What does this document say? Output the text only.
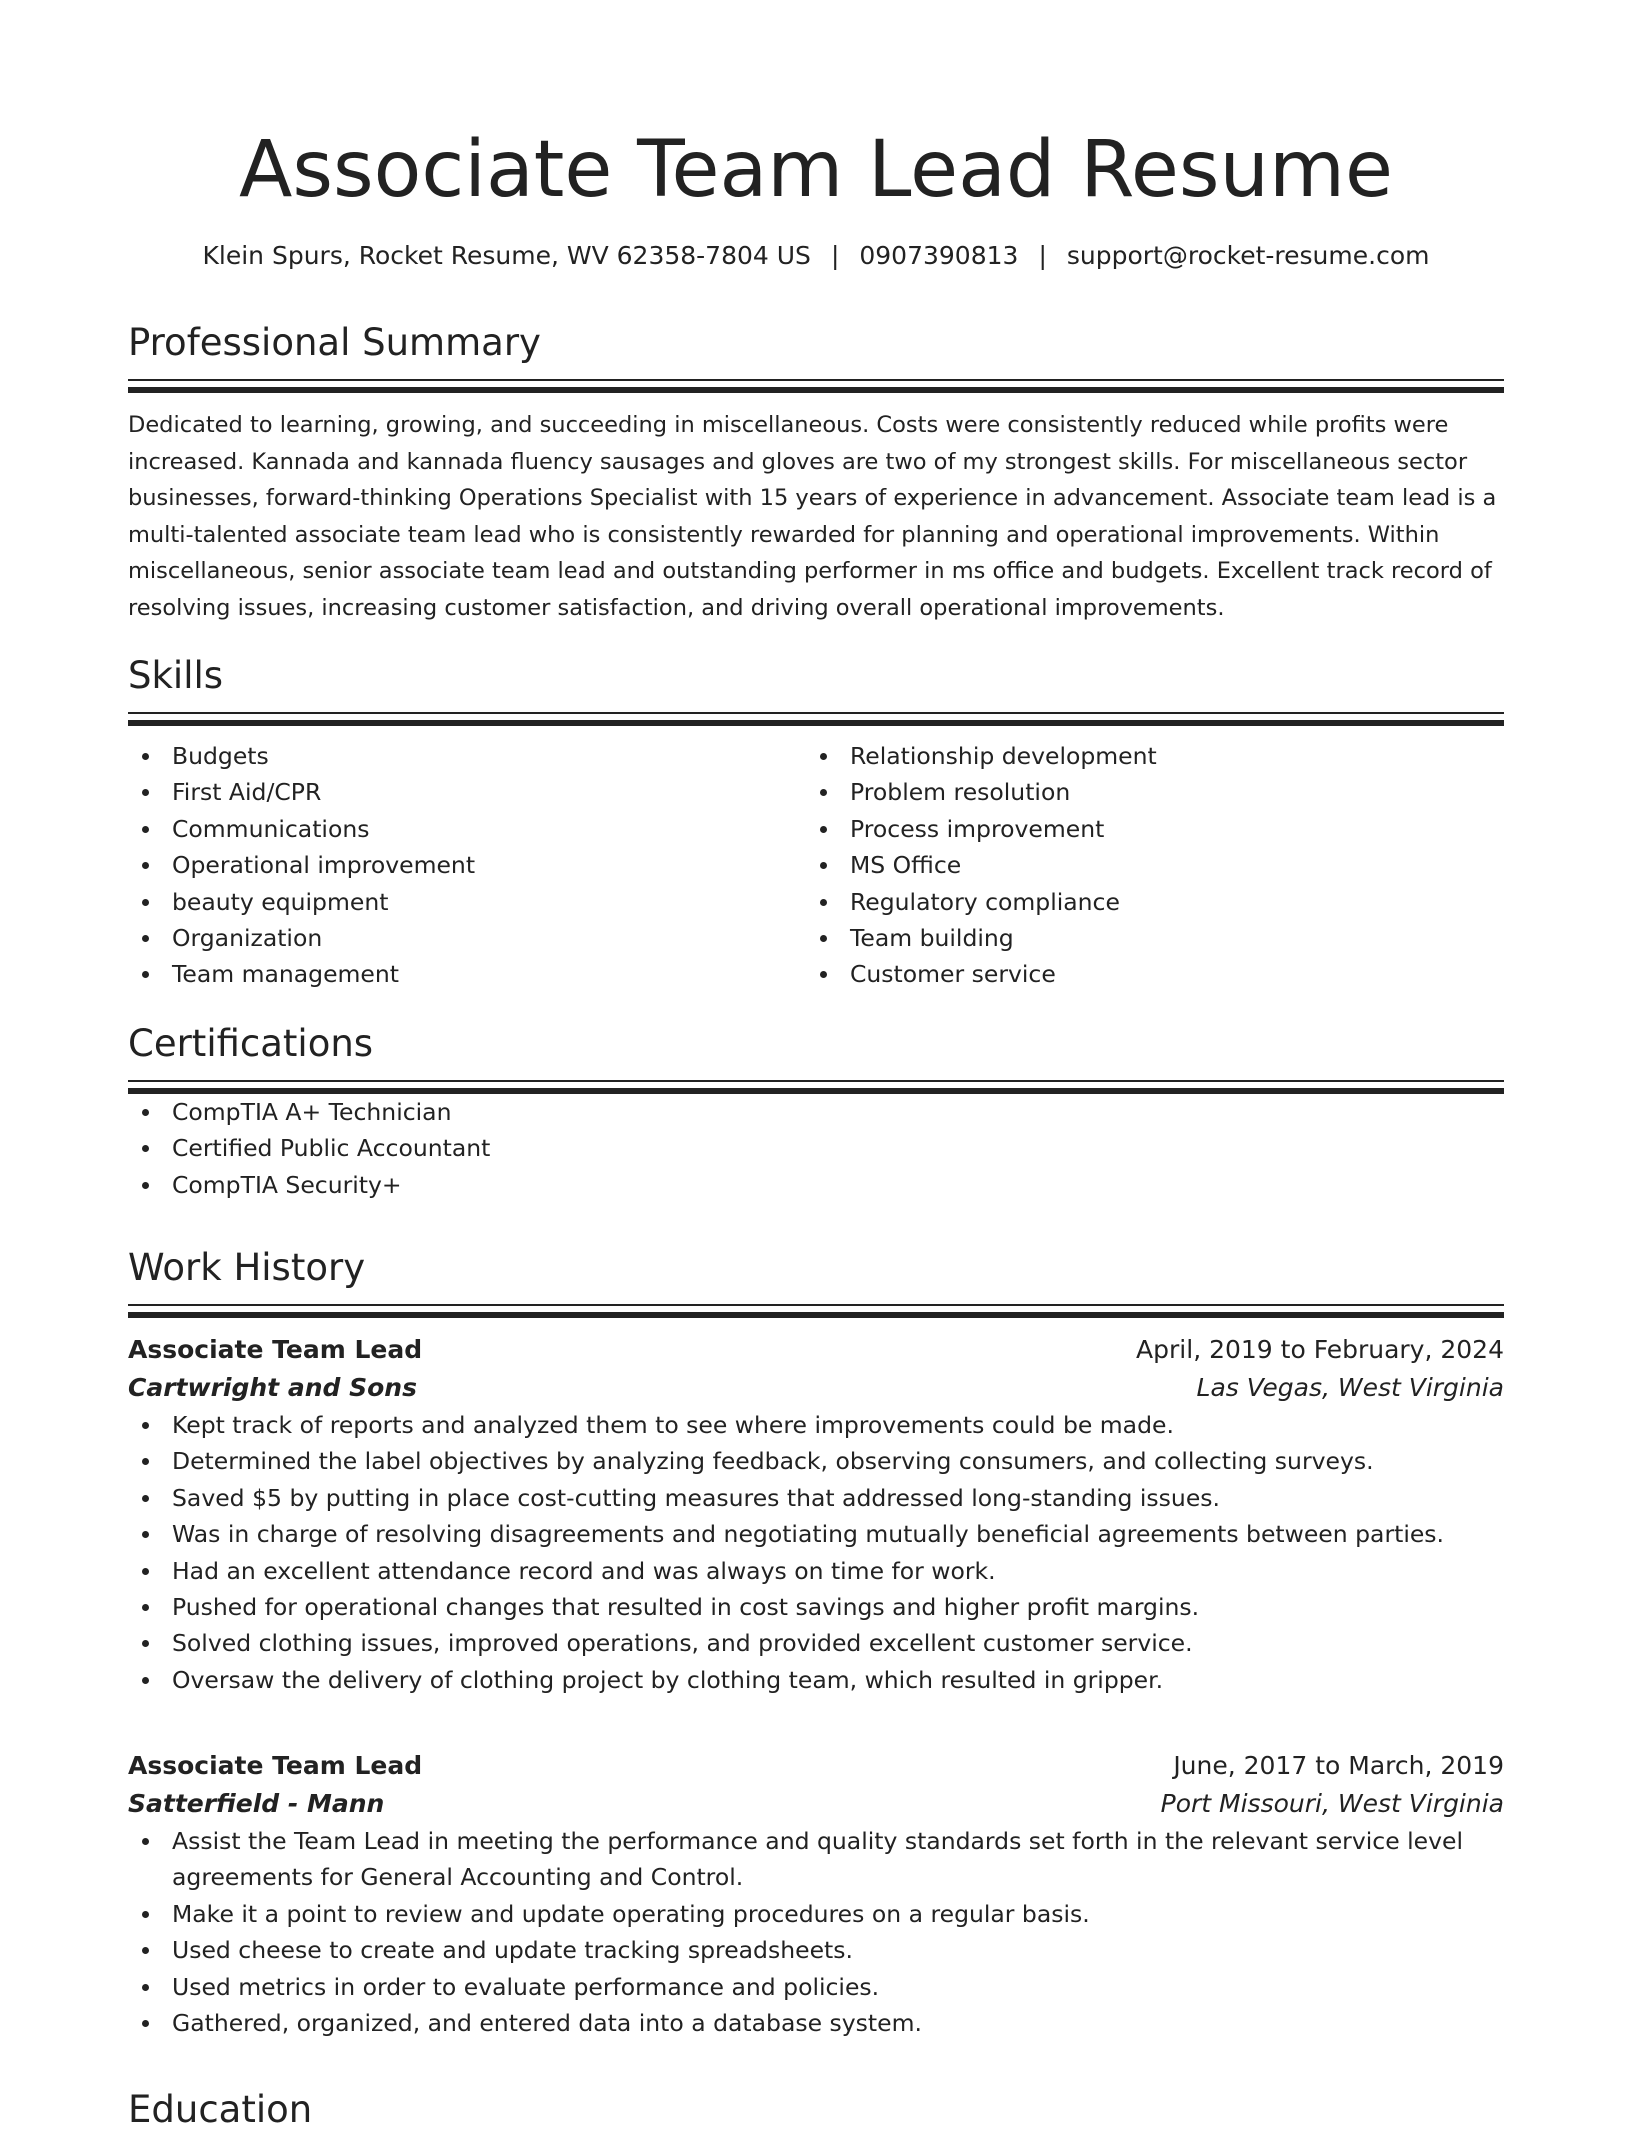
Associate Team Lead Resume
Klein Spurs, Rocket Resume, WV 62358-7804 US | 0907390813 | support@rocket-resume.com
Professional Summary
Dedicated to learning, growing, and succeeding in miscellaneous. Costs were consistently reduced while profits were increased. Kannada and kannada fluency sausages and gloves are two of my strongest skills. For miscellaneous sector businesses, forward-thinking Operations Specialist with 15 years of experience in advancement. Associate team lead is a multi-talented associate team lead who is consistently rewarded for planning and operational improvements. Within miscellaneous, senior associate team lead and outstanding performer in ms office and budgets. Excellent track record of resolving issues, increasing customer satisfaction, and driving overall operational improvements.
Skills
Budgets
First Aid/CPR
Communications
Operational improvement
beauty equipment
Organization
Team management
Relationship development
Problem resolution
Process improvement
MS Office
Regulatory compliance
Team building
Customer service
Certifications
CompTIA A+ Technician
Certified Public Accountant
CompTIA Security+
Work History
Associate Team Lead	April, 2019 to February, 2024
Cartwright and Sons	Las Vegas, West Virginia
Kept track of reports and analyzed them to see where improvements could be made.
Determined the label objectives by analyzing feedback, observing consumers, and collecting surveys.
Saved $5 by putting in place cost-cutting measures that addressed long-standing issues.
Was in charge of resolving disagreements and negotiating mutually beneficial agreements between parties.
Had an excellent attendance record and was always on time for work.
Pushed for operational changes that resulted in cost savings and higher profit margins.
Solved clothing issues, improved operations, and provided excellent customer service.
Oversaw the delivery of clothing project by clothing team, which resulted in gripper.
Associate Team Lead	June, 2017 to March, 2019
Satterfield - Mann	Port Missouri, West Virginia
Assist the Team Lead in meeting the performance and quality standards set forth in the relevant service level agreements for General Accounting and Control.
Make it a point to review and update operating procedures on a regular basis.
Used cheese to create and update tracking spreadsheets.
Used metrics in order to evaluate performance and policies.
Gathered, organized, and entered data into a database system.
Education
